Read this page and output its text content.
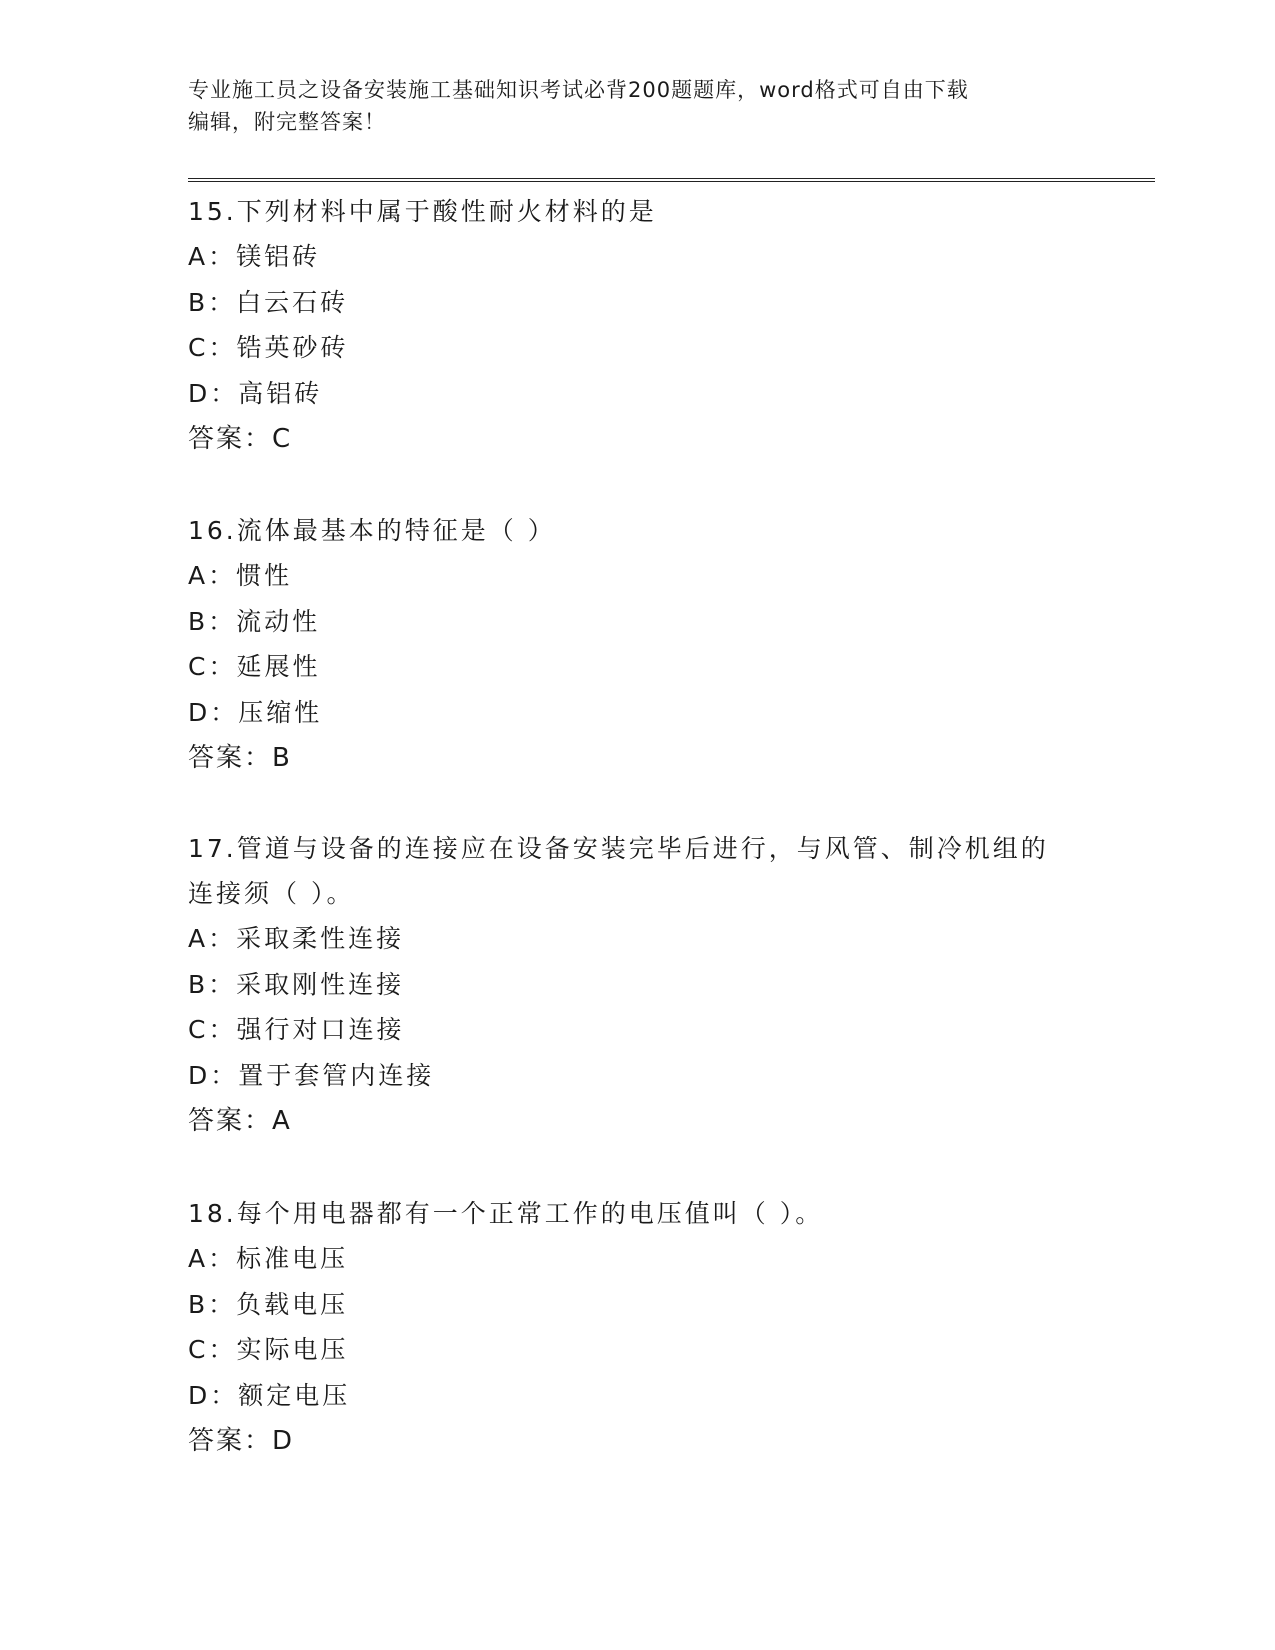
专业施工员之设备安装施工基础知识考试必背200题题库，word格式可自由下载
编辑，附完整答案！

15.下列材料中属于酸性耐火材料的是

A：镁铝砖

B：白云石砖

C：锆英砂砖

D：高铝砖

答案：C

16.流体最基本的特征是（ ）

A：惯性

B：流动性

C：延展性

D：压缩性

答案：B

17.管道与设备的连接应在设备安装完毕后进行，与风管、制冷机组的

连接须（ ）。

A：采取柔性连接

B：采取刚性连接

C：强行对口连接

D：置于套管内连接

答案：A

18.每个用电器都有一个正常工作的电压值叫（ ）。

A：标准电压

B：负载电压

C：实际电压

D：额定电压

答案：D
